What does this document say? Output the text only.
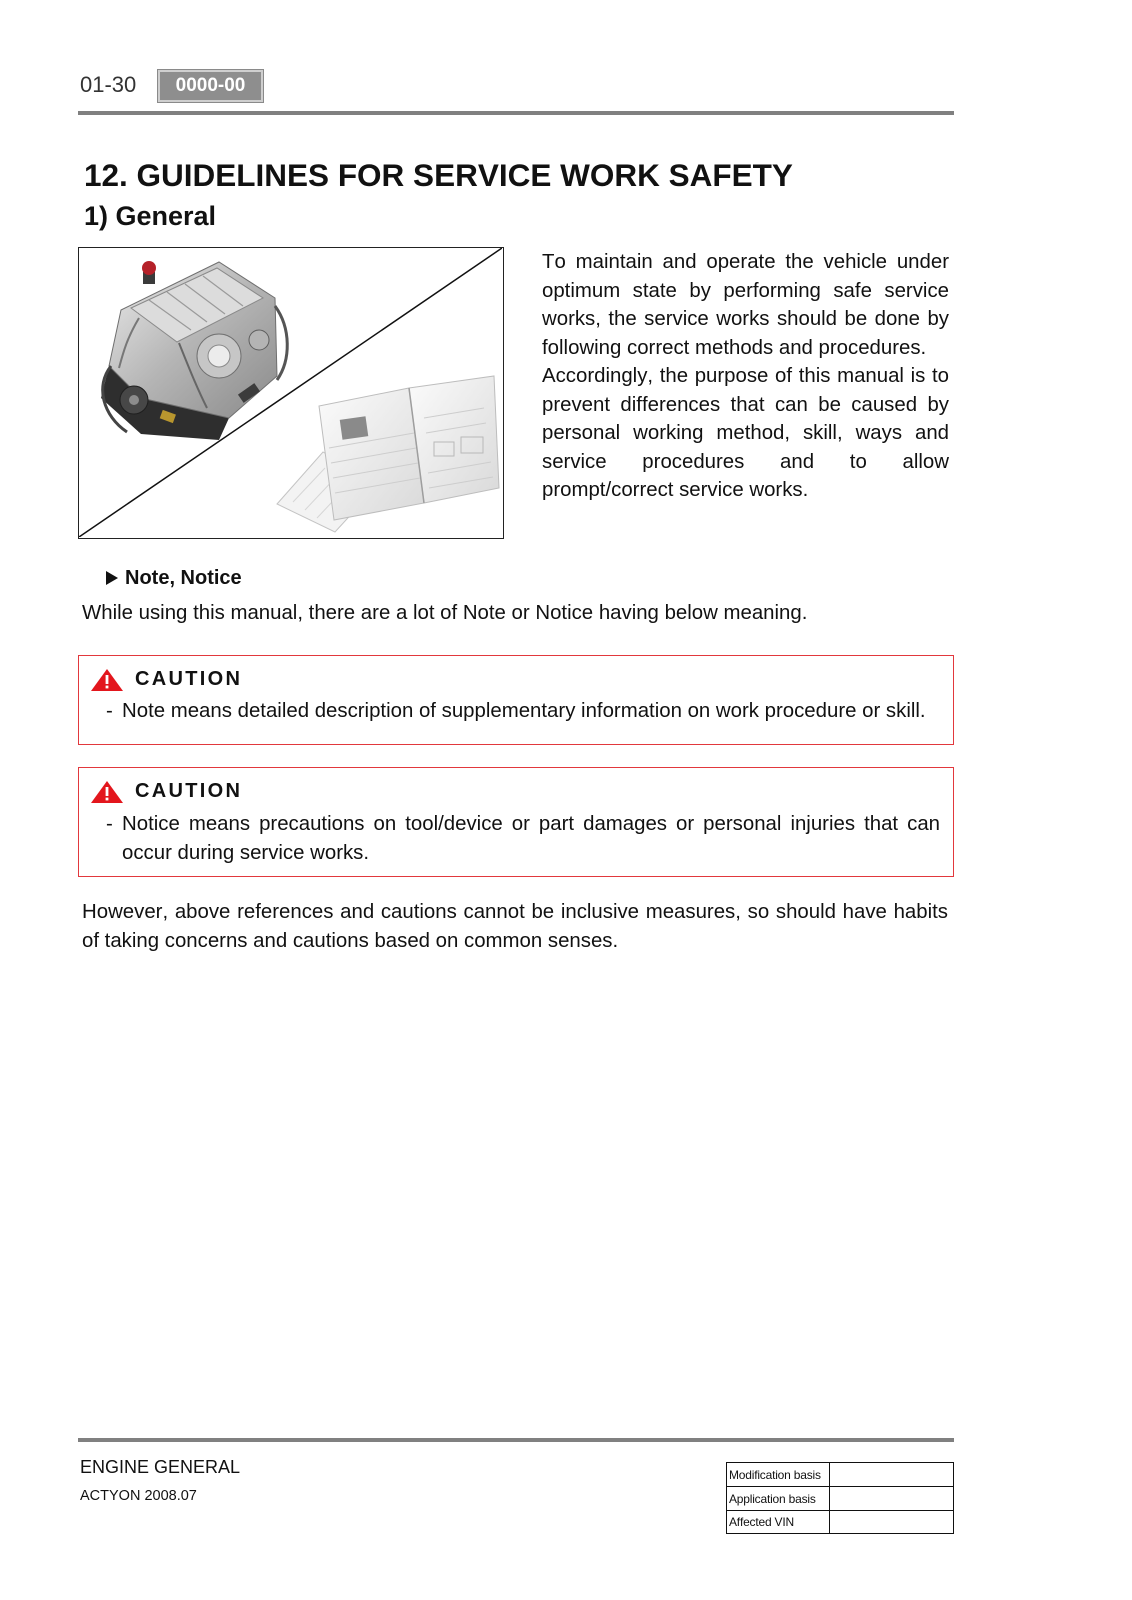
01-30	0000-00
12. GUIDELINES FOR SERVICE WORK SAFETY
1) General

To maintain and operate the vehicle under optimum state by performing safe service works, the service works should be done by following correct methods and procedures.

Accordingly, the purpose of this manual is to prevent differences that can be caused by personal working method, skill, ways and service procedures and to allow prompt/correct service works.

Note, Notice
While using this manual, there are a lot of Note or Notice having below meaning.
CAUTION
- Note means detailed description of supplementary information on work procedure or skill.
CAUTION
- Notice means precautions on tool/device or part damages or personal injuries that can occur during service works.
However, above references and cautions cannot be inclusive measures, so should have habits of taking concerns and cautions based on common senses.
ENGINE GENERAL
ACTYON 2008.07
Modification basis	
Application basis	
Affected VIN	
